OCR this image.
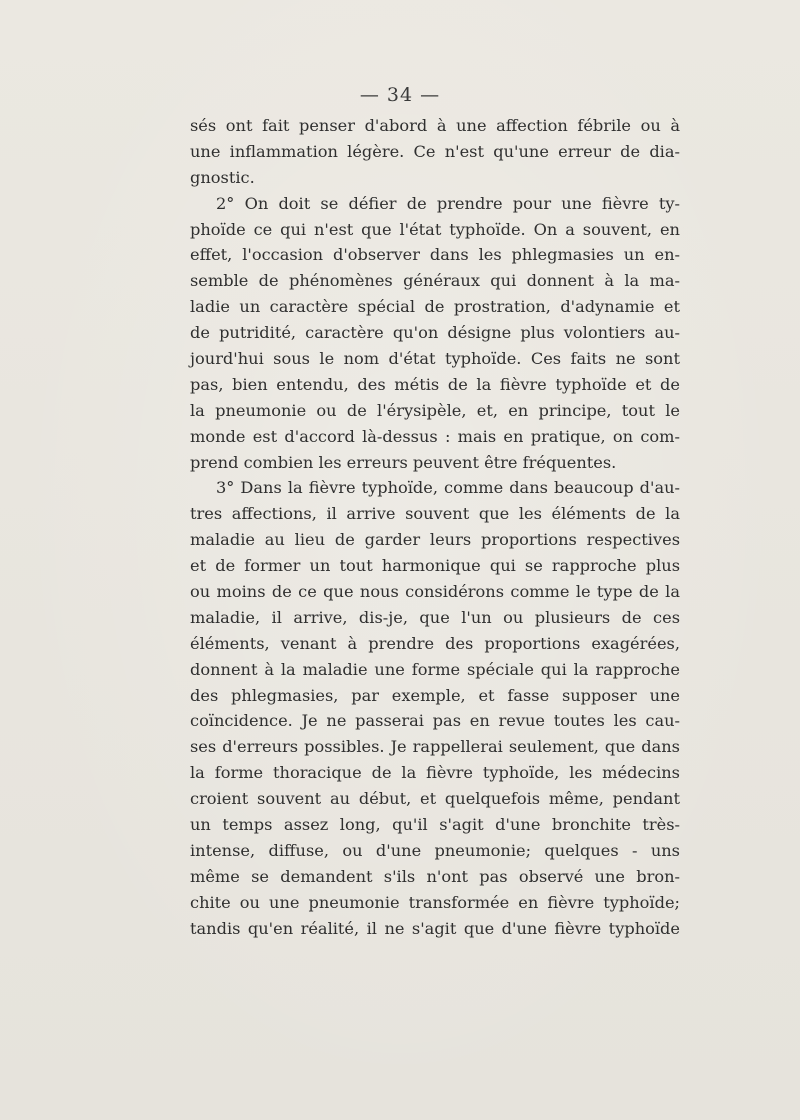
— 34 —
sés ont fait penser d'abord à une affection fébrile ou à
une inflammation légère. Ce n'est qu'une erreur de dia-
gnostic.
2° On doit se défier de prendre pour une fièvre ty-
phoïde ce qui n'est que l'état typhoïde. On a souvent, en
effet, l'occasion d'observer dans les phlegmasies un en-
semble de phénomènes généraux qui donnent à la ma-
ladie un caractère spécial de prostration, d'adynamie et
de putridité, caractère qu'on désigne plus volontiers au-
jourd'hui sous le nom d'état typhoïde. Ces faits ne sont
pas, bien entendu, des métis de la fièvre typhoïde et de
la pneumonie ou de l'érysipèle, et, en principe, tout le
monde est d'accord là-dessus : mais en pratique, on com-
prend combien les erreurs peuvent être fréquentes.
3° Dans la fièvre typhoïde, comme dans beaucoup d'au-
tres affections, il arrive souvent que les éléments de la
maladie au lieu de garder leurs proportions respectives
et de former un tout harmonique qui se rapproche plus
ou moins de ce que nous considérons comme le type de la
maladie, il arrive, dis-je, que l'un ou plusieurs de ces
éléments, venant à prendre des proportions exagérées,
donnent à la maladie une forme spéciale qui la rapproche
des phlegmasies, par exemple, et fasse supposer une
coïncidence. Je ne passerai pas en revue toutes les cau-
ses d'erreurs possibles. Je rappellerai seulement, que dans
la forme thoracique de la fièvre typhoïde, les médecins
croient souvent au début, et quelquefois même, pendant
un temps assez long, qu'il s'agit d'une bronchite très-
intense, diffuse, ou d'une pneumonie; quelques - uns
même se demandent s'ils n'ont pas observé une bron-
chite ou une pneumonie transformée en fièvre typhoïde;
tandis qu'en réalité, il ne s'agit que d'une fièvre typhoïde
